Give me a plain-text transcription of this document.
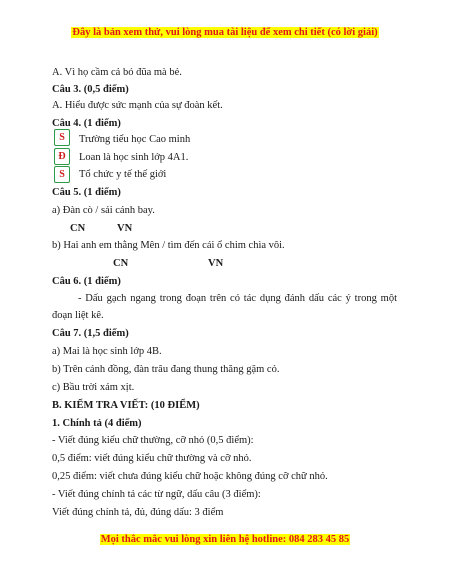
Đây là bản xem thử, vui lòng mua tài liệu để xem chi tiết (có lời giải)
A. Vì họ cầm cả bó đũa mà bẻ.
Câu 3. (0,5 điểm)
A. Hiểu được sức mạnh của sự đoàn kết.
Câu 4. (1 điểm)
S	Trường tiểu học Cao minh
Đ	Loan là học sinh lớp 4A1.
S	Tổ chức y tế thế giới
Câu 5. (1 điểm)
a) Đàn cò / sải cánh bay.
CN	VN
b) Hai anh em thằng Mên / tìm đến cái ổ chim chìa vôi.
CN	VN
Câu 6. (1 điểm)
- Dấu gạch ngang trong đoạn trên có tác dụng đánh dấu các ý trong một
đoạn liệt kê.
Câu 7. (1,5 điểm)
a) Mai là học sinh lớp 4B.
b) Trên cánh đồng, đàn trâu đang thung thăng gặm cỏ.
c) Bầu trời xám xịt.
B. KIỂM TRA VIẾT: (10 ĐIỂM)
1. Chính tả (4 điểm)
- Viết đúng kiểu chữ thường, cỡ nhỏ (0,5 điểm):
0,5 điểm: viết đúng kiểu chữ thường và cỡ nhỏ.
0,25 điểm: viết chưa đúng kiểu chữ hoặc không đúng cỡ chữ nhỏ.
- Viết đúng chính tả các từ ngữ, dấu câu (3 điểm):
Viết đúng chính tả, đủ, đúng dấu: 3 điểm
Mọi thắc mắc vui lòng xin liên hệ hotline: 084 283 45 85
